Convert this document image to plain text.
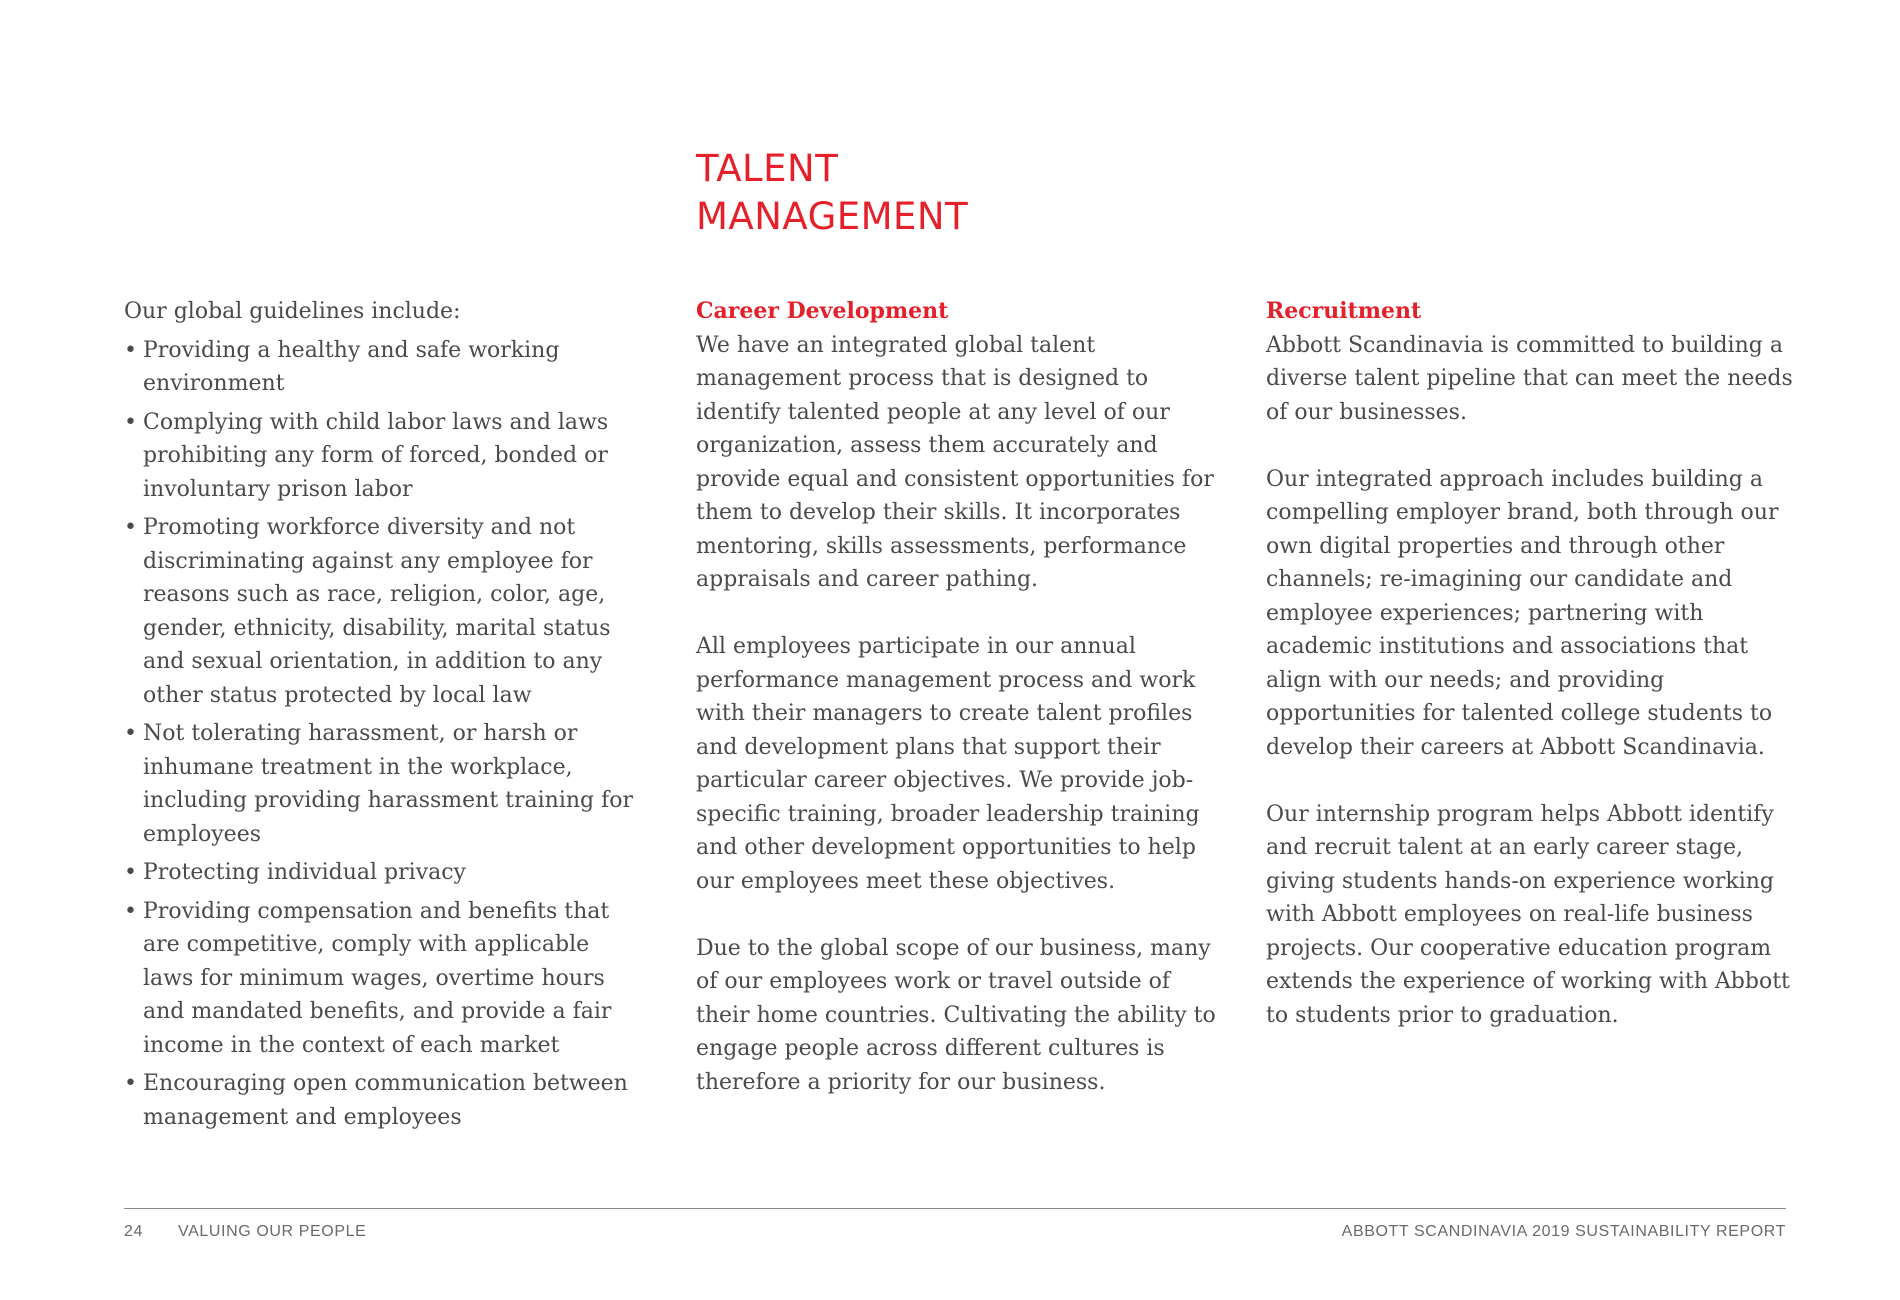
TALENT
MANAGEMENT

Our global guidelines include:

• Providing a healthy and safe working environment
• Complying with child labor laws and laws prohibiting any form of forced, bonded or involuntary prison labor
• Promoting workforce diversity and not discriminating against any employee for reasons such as race, religion, color, age, gender, ethnicity, disability, marital status and sexual orientation, in addition to any other status protected by local law
• Not tolerating harassment, or harsh or inhumane treatment in the workplace, including providing harassment training for employees
• Protecting individual privacy
• Providing compensation and benefits that are competitive, comply with applicable laws for minimum wages, overtime hours and mandated benefits, and provide a fair income in the context of each market
• Encouraging open communication between management and employees
Career Development

We have an integrated global talent management process that is designed to identify talented people at any level of our organization, assess them accurately and provide equal and consistent opportunities for them to develop their skills. It incorporates mentoring, skills assessments, performance appraisals and career pathing.

All employees participate in our annual performance management process and work with their managers to create talent profiles and development plans that support their particular career objectives. We provide job-specific training, broader leadership training and other development opportunities to help our employees meet these objectives.

Due to the global scope of our business, many of our employees work or travel outside of their home countries. Cultivating the ability to engage people across different cultures is therefore a priority for our business.

Recruitment

Abbott Scandinavia is committed to building a diverse talent pipeline that can meet the needs of our businesses.

Our integrated approach includes building a compelling employer brand, both through our own digital properties and through other channels; re-imagining our candidate and employee experiences; partnering with academic institutions and associations that align with our needs; and providing opportunities for talented college students to develop their careers at Abbott Scandinavia.

Our internship program helps Abbott identify and recruit talent at an early career stage, giving students hands-on experience working with Abbott employees on real-life business projects. Our cooperative education program extends the experience of working with Abbott to students prior to graduation.

24 VALUING OUR PEOPLE	ABBOTT SCANDINAVIA 2019 SUSTAINABILITY REPORT
